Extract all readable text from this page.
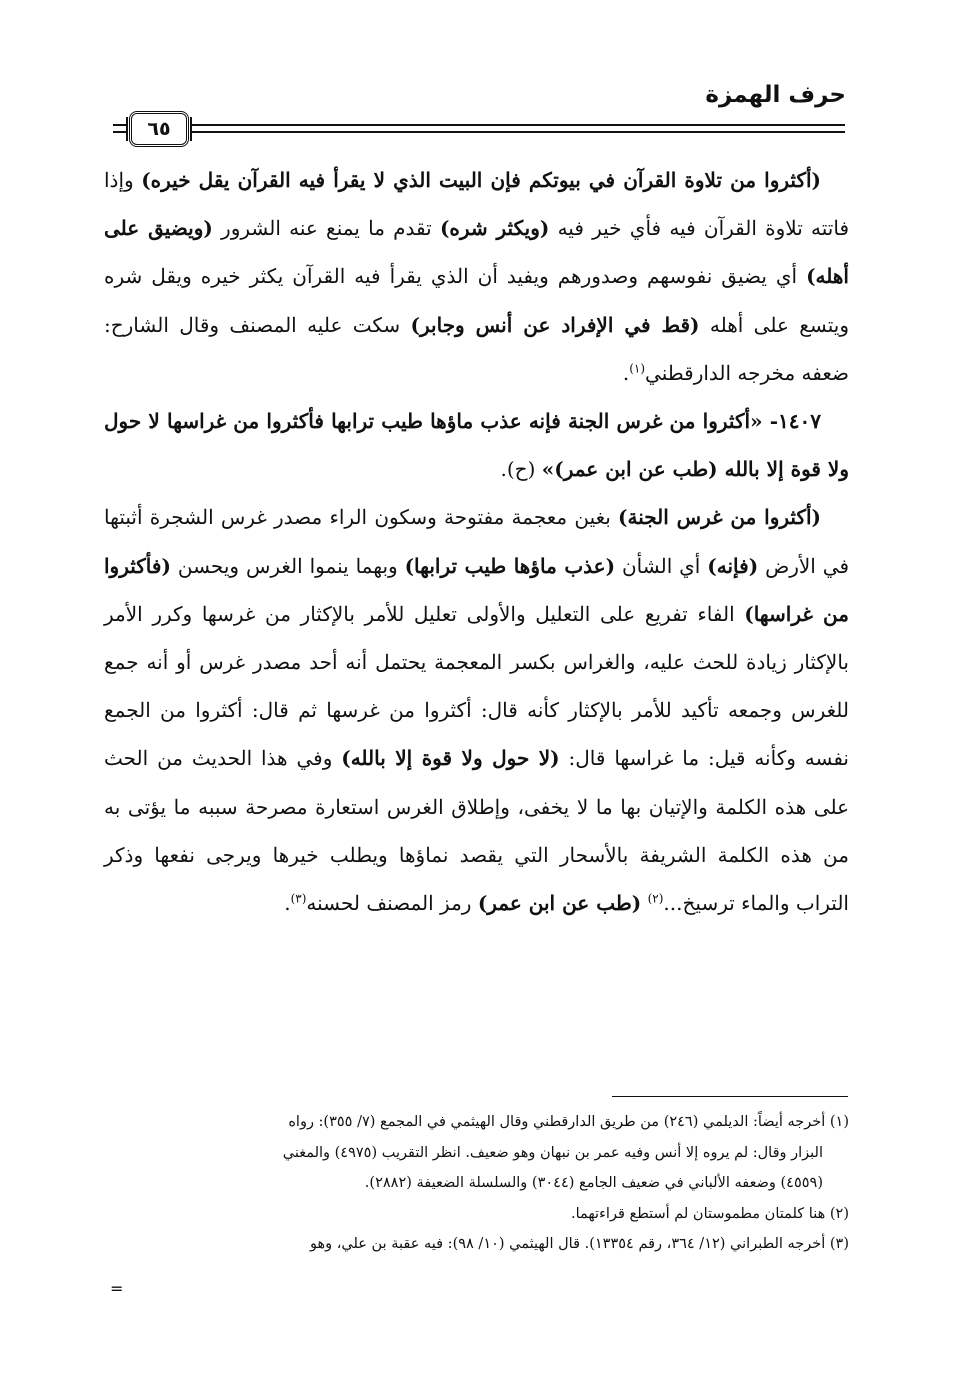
حرف الهمزة
٦٥

(أكثروا من تلاوة القرآن في بيوتكم فإن البيت الذي لا يقرأ فيه القرآن يقل خيره) وإذا فاتته تلاوة القرآن فيه فأي خير فيه (ويكثر شره) تقدم ما يمنع عنه الشرور (ويضيق على أهله) أي يضيق نفوسهم وصدورهم ويفيد أن الذي يقرأ فيه القرآن يكثر خيره ويقل شره ويتسع على أهله (قط في الإفراد عن أنس وجابر) سكت عليه المصنف وقال الشارح: ضعفه مخرجه الدارقطني$^{(١)}$.

١٤٠٧- «أكثروا من غرس الجنة فإنه عذب ماؤها طيب ترابها فأكثروا من غراسها لا حول ولا قوة إلا بالله (طب عن ابن عمر)» (ح).

(أكثروا من غرس الجنة) بغين معجمة مفتوحة وسكون الراء مصدر غرس الشجرة أثبتها في الأرض (فإنه) أي الشأن (عذب ماؤها طيب ترابها) وبهما ينموا الغرس ويحسن (فأكثروا من غراسها) الفاء تفريع على التعليل والأولى تعليل للأمر بالإكثار من غرسها وكرر الأمر بالإكثار زيادة للحث عليه، والغراس بكسر المعجمة يحتمل أنه أحد مصدر غرس أو أنه جمع للغرس وجمعه تأكيد للأمر بالإكثار كأنه قال: أكثروا من غرسها ثم قال: أكثروا من الجمع نفسه وكأنه قيل: ما غراسها قال: (لا حول ولا قوة إلا بالله) وفي هذا الحديث من الحث على هذه الكلمة والإتيان بها ما لا يخفى، وإطلاق الغرس استعارة مصرحة سببه ما يؤتى به من هذه الكلمة الشريفة بالأسحار التي يقصد نماؤها ويطلب خيرها ويرجى نفعها وذكر التراب والماء ترسيخ...$^{(٢)}$ (طب عن ابن عمر) رمز المصنف لحسنه$^{(٣)}$.

(١) أخرجه أيضاً: الديلمي (٢٤٦) من طريق الدارقطني وقال الهيثمي في المجمع (٧/ ٣٥٥): رواه

البزار وقال: لم يروه إلا أنس وفيه عمر بن نبهان وهو ضعيف. انظر التقريب (٤٩٧٥) والمغني

(٤٥٥٩) وضعفه الألباني في ضعيف الجامع (٣٠٤٤) والسلسلة الضعيفة (٢٨٨٢).

(٢) هنا كلمتان مطموستان لم أستطع قراءتهما.

(٣) أخرجه الطبراني (١٢/ ٣٦٤، رقم ١٣٣٥٤). قال الهيثمي (١٠/ ٩٨): فيه عقبة بن علي، وهو

=
